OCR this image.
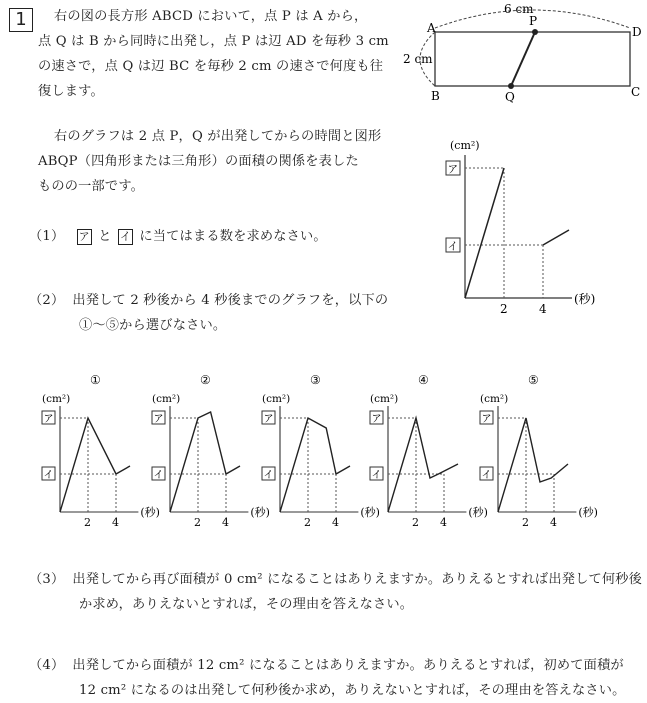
1	右の図の長方形 ABCD において，点 P は A から，
点 Q は B から同時に出発し，点 P は辺 AD を毎秒 3 cm
の速さで，点 Q は辺 BC を毎秒 2 cm の速さで何度も往
復します。
右のグラフは 2 点 P，Q が出発してからの時間と図形
ABQP（四角形または三角形）の面積の関係を表した
ものの一部です。
A
B	C
D
P
Q
6 cm
2 cm
(cm²)
ア
イ
2	4
(秒)
（1） ア と イ に当てはまる数を求めなさい。
（2） 出発して 2 秒後から 4 秒後までのグラフを，以下の
①〜⑤から選びなさい。
①
(cm²)
ア
イ
2 4
(秒)
②
(cm²)
ア
イ
2 4
(秒)
③
(cm²)
ア
イ
2 4
(秒)
④
(cm²)
ア
イ
2 4
(秒)
⑤
(cm²)
ア
イ
2 4
(秒)
（3） 出発してから再び面積が 0 cm² になることはありえますか。ありえるとすれば出発して何秒後
か求め，ありえないとすれば，その理由を答えなさい。
（4） 出発してから面積が 12 cm² になることはありえますか。ありえるとすれば，初めて面積が
12 cm² になるのは出発して何秒後か求め，ありえないとすれば，その理由を答えなさい。
